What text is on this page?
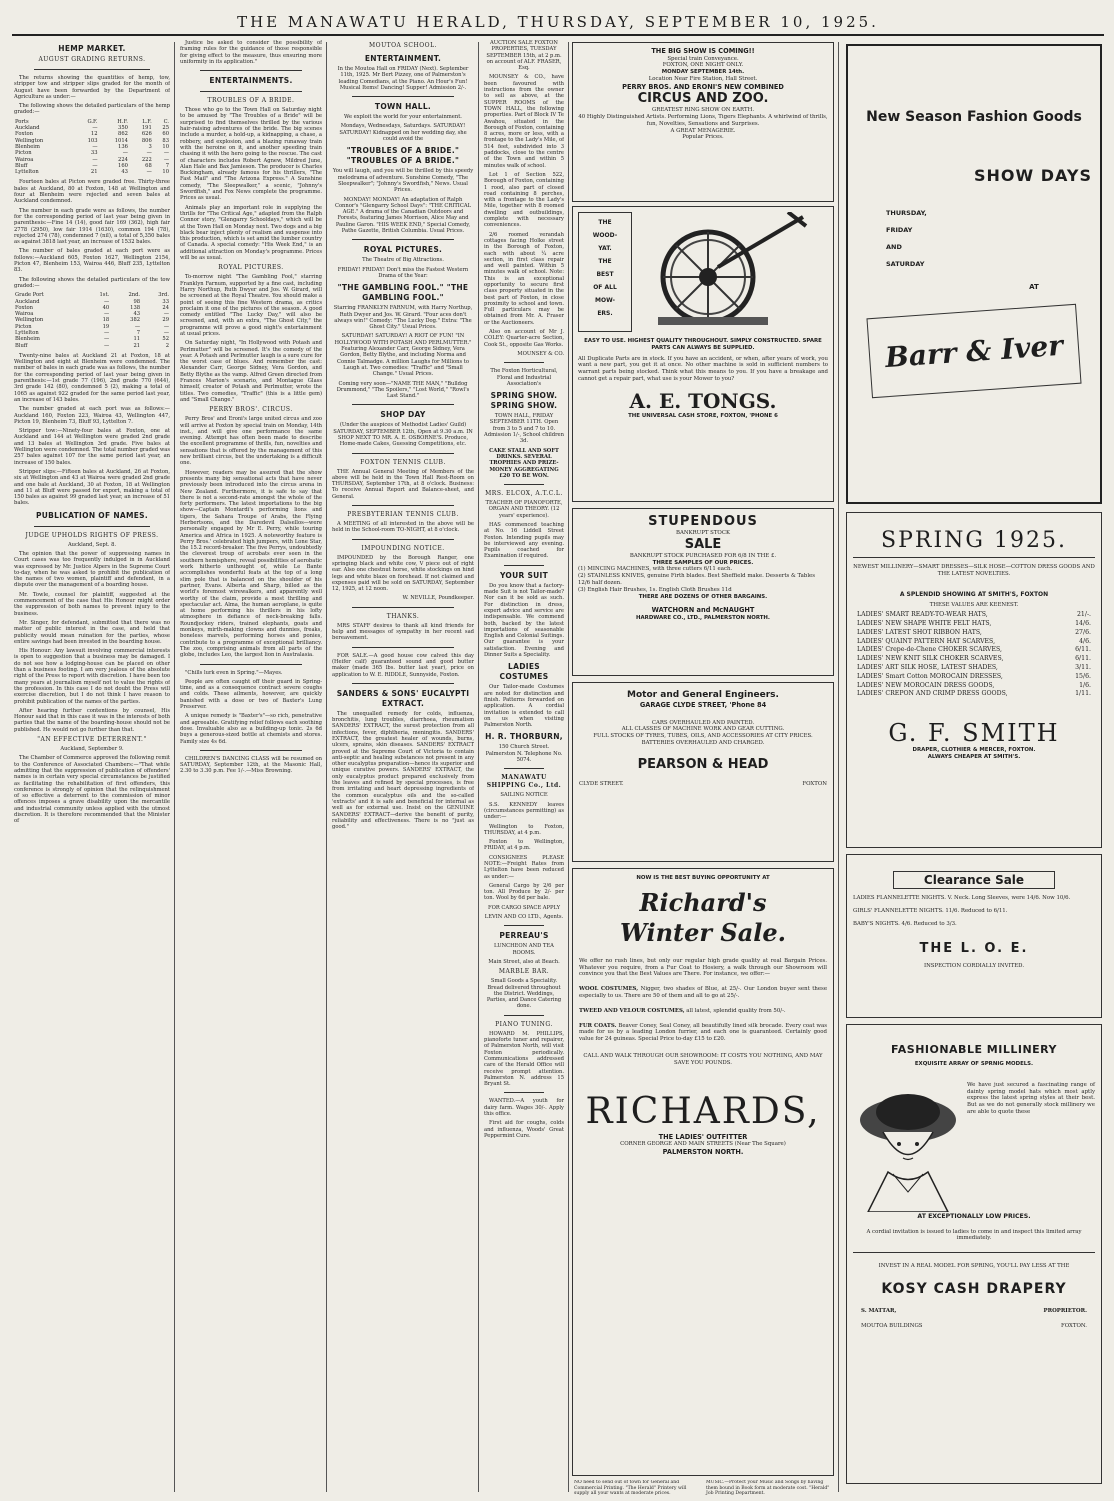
THE MANAWATU HERALD, THURSDAY, SEPTEMBER 10, 1925.
HEMP MARKET.
AUGUST GRADING RETURNS.

The returns showing the quantities of hemp, tow, stripper tow and stripper slips graded for the month of August have been forwarded by the Department of Agriculture as under:—

The following shows the detailed particulars of the hemp graded:—

Ports	G.F.	H.F.	L.F.	C.
Auckland	—	350	191	25
Foxton	12	862	626	60
Wellington	103	1014	806	83
Blenheim	—	136	3	10
Picton	33	—	—	—
Wairoa	—	224	222	—
Bluff	—	160	68	7
Lyttelton	21	43	—	10

Fourteen bales at Picton were graded free. Thirty-three bales at Auckland, 80 at Foxton, 148 at Wellington and four at Blenheim were rejected and seven bales at Auckland condemned.

The number in each grade were as follows, the number for the corresponding period of last year being given in parenthesis:—Fine 14 (14), good fair 169 (362), high fair 2778 (2950), low fair 1914 (1630), common 194 (78), rejected 274 (78), condemned 7 (nil), a total of 5,350 bales as against 3818 last year, an increase of 1532 bales.

The number of bales graded at each port were as follows:—Auckland 605, Foxton 1627, Wellington 2154, Picton 47, Blenheim 153, Wairoa 446, Bluff 235, Lyttelton 83.

The following shows the detailed particulars of the tow graded:—

Grade Port	1st.	2nd.	3rd.
Auckland	—	98	33
Foxton	40	138	24
Wairoa	—	43	—
Wellington	18	382	29
Picton	19	—	—
Lyttelton	—	7	—
Blenheim	—	11	52
Bluff	—	21	2

Twenty-nine bales at Auckland 21 at Foxton, 18 at Wellington and eight at Blenheim were condemned. The number of bales in each grade was as follows, the number for the corresponding period of last year being given in parenthesis:—1st grade 77 (196), 2nd grade 770 (644), 3rd grade 142 (80), condemned 5 (2), making a total of 1065 as against 922 graded for the same period last year, an increase of 143 bales.

The number graded at each port was as follows:—Auckland 160, Foxton 223, Wairoa 43, Wellington 447, Picton 19, Blenheim 73, Bluff 93, Lyttelton 7.

Stripper tow:—Ninety-four bales at Foxton, one at Auckland and 144 at Wellington were graded 2nd grade and 13 bales at Wellington 3rd grade. Five bales at Wellington were condemned. The total number graded was 257 bales against 107 for the same period last year, an increase of 150 bales.

Stripper slips:—Fifteen bales at Auckland, 26 at Foxton, six at Wellington and 43 at Wairoa were graded 2nd grade and one bale at Auckland, 30 at Foxton, 18 at Wellington and 11 at Bluff were passed for export, making a total of 150 bales as against 99 graded last year, an increase of 51 bales.

PUBLICATION OF NAMES.
JUDGE UPHOLDS RIGHTS OF PRESS.

Auckland, Sept. 8.

The opinion that the power of suppressing names in Court cases was too frequently indulged in in Auckland was expressed by Mr. Justice Alpers in the Supreme Court to-day, when he was asked to prohibit the publication of the names of two women, plaintiff and defendant, in a dispute over the management of a boarding house.

Mr. Towle, counsel for plaintiff, suggested at the commencement of the case that His Honour might order the suppression of both names to prevent injury to the business.

Mr. Singer, for defendant, submitted that there was no matter of public interest in the case, and held that publicity would mean ruination for the parties, whose entire savings had been invested in the boarding house.

His Honour: Any lawsuit involving commercial interests is open to suggestion that a business may be damaged. I do not see how a lodging-house can be placed on other than a business footing. I am very jealous of the absolute right of the Press to report with discretion. I have been too many years at journalism myself not to value the rights of the profession. In this case I do not doubt the Press will exercise discretion, but I do not think I have reason to prohibit publication of the names of the parties.

After hearing further contentions by counsel, His Honour said that in this case it was in the interests of both parties that the name of the boarding-house should not be published. He would not go further than that.

"AN EFFECTIVE DETERRENT."

Auckland, September 9.

The Chamber of Commerce approved the following remit to the Conference of Associated Chambers:—"That while admitting that the suppression of publication of offenders' names is in certain very special circumstances be justified as facilitating the rehabilitation of first offenders, this conference is strongly of opinion that the relinquishment of so effective a deterrent to the commission of minor offences imposes a grave disability upon the mercantile and industrial community unless applied with the utmost discretion. It is therefore recommended that the Minister of

Justice be asked to consider the possibility of framing rules for the guidance of those responsible for giving effect to the measure, thus ensuring more uniformity in its application."

ENTERTAINMENTS.
TROUBLES OF A BRIDE.

Those who go to the Town Hall on Saturday night to be amused by "The Troubles of a Bride" will be surprised to find themselves thrilled by the various hair-raising adventures of the bride. The big scenes include a murder, a hold-up, a kidnapping, a chase, a robbery, and explosion, and a blazing runaway train with the heroine on it, and another speeding train chasing it with the hero going to the rescue. The cast of characters includes Robert Agnew, Mildred June, Alan Hale and Bax Jamieson. The producer is Charles Buckingham, already famous for his thrillers, "The Fast Mail" and "The Arizona Express." A Sunshine comedy, "The Sleepwalker," a scenic, "Johnny's Swordfish," and Fox News complete the programme. Prices as usual.

Animals play an important role in supplying the thrills for "The Critical Age," adapted from the Ralph Connor story, "Glengarry Schooldays," which will be at the Town Hall on Monday next. Two dogs and a big black bear inject plenty of realism and suspense into this production, which is set amid the lumber country of Canada. A special comedy: "His Week End," is an additional attraction on Monday's programme. Prices will be as usual.

ROYAL PICTURES.

To-morrow night "The Gambling Fool," starring Franklyn Farnum, supported by a fine cast, including Harry Northup, Ruth Dwyer and Jos. W. Girard, will be screened at the Royal Theatre. You should make a point of seeing this fine Western drama, as critics proclaim it one of the pictures of the season. A good comedy entitled "The Lucky Day," will also be screened, and, with an extra, "The Ghost City," the programme will prove a good night's entertainment at usual prices.

On Saturday night, "In Hollywood with Potash and Perlmutter" will be screened. It's the comedy of the year. A Potash and Perlmutter laugh is a sure cure for the worst case of blues. And remember the cast: Alexander Carr, George Sidney, Vera Gordon, and Betty Blythe as the vamp. Alfred Green directed from Frances Marion's scenario, and Montague Glass himself, creator of Potash and Perlmutter, wrote the titles. Two comedies, "Traffic" (this is a little gem) and "Small Change."

PERRY BROS'. CIRCUS.

Perry Bros' and Eroni's large united circus and zoo will arrive at Foxton by special train on Monday, 14th inst., and will give one performance the same evening. Attempt has often been made to describe the excellent programme of thrills, fun, novelties and sensations that is offered by the management of this new brilliant circus, but the undertaking is a difficult one.

However, readers may be assured that the show presents many big sensational acts that have never previously been introduced into the circus arena in New Zealand. Furthermore, it is safe to say that there is not a second-rate amongst the whole of the forty performers. The latest importations to the big show—Captain Montardi's performing lions and tigers, the Sahara Troupe of Arabs, the Flying Herbertsons, and the Daredevil Dalsellos—were personally engaged by Mr E. Perry, while touring America and Africa in 1925. A noteworthy feature is Perry Bros.' celebrated high jumpers, with Lone Star, the 15.2 record-breaker. The five Perrys, undoubtedly the cleverest troup of acrobats ever seen in the southern hemisphere, reveal possibilities of aerobatic work hitherto unthought of, while Le Bante accomplishes wonderful feats at the top of a long slim pole that is balanced on the shoulder of his partner, Evans. Alberta and Sharp, billed as the world's foremost wirewalkers, and apparently well worthy of the claim, provide a most thrilling and spectacular act. Alma, the human aeroplane, is quite at home performing his thrillers in his lofty atmosphere in defiance of neck-breaking falls. Roundjockey riders, trained elephants, goats and monkeys, mirth-making clowns and dunnies, freaks, boneless marvels, performing horses and ponies, contribute to a programme of exceptional brilliancy. The zoo, comprising animals from all parts of the globe, includes Leo, the largest lion in Australasia.

"Chills lurk even in Spring."—Mayes.

People are often caught off their guard in Spring-time, and as a consequence contract severe coughs and colds. These ailments, however, are quickly banished with a dose or two of Baxter's Lung Preserver.

A unique remedy is "Baxter's"—so rich, penetrative and agreeable. Gratifying relief follows each soothing dose. Invaluable also as a building-up tonic. 2s 6d buys a generous-sized bottle at chemists and stores. Family size 4s 6d.

CHILDREN'S DANCING CLASS will be resumed on SATURDAY, September 12th, at the Masonic Hall, 2.30 to 3.30 p.m. Fee 1/-.—Miss Browning.

MOUTOA SCHOOL.
ENTERTAINMENT.

In the Moutoa Hall on FRIDAY (Next). September 11th, 1925. Mr Bert Pizzey, one of Palmerston's leading Comedians, at the Piano. An Hour's Fun! Musical Items! Dancing! Supper! Admission 2/-.

TOWN HALL.

We exploit the world for your entertainment.

Mondays, Wednesdays, Saturdays. SATURDAY! SATURDAY! Kidnapped on her wedding day, she could avoid the

"TROUBLES OF A BRIDE." "TROUBLES OF A BRIDE."

You will laugh, and you will be thrilled by this speedy melodrama of adventure. Sunshine Comedy, "The Sleepwalker"; "Johnny's Swordfish," News. Usual Prices.

MONDAY! MONDAY! An adaptation of Ralph Connor's "Glengarry School Days": "THE CRITICAL AGE." A drama of the Canadian Outdoors and Forests, featuring James Morrison, Alice May and Pauline Garon. "HIS WEEK END," Special Comedy, Pathe Gazette, British Columbia. Usual Prices.

ROYAL PICTURES.

The Theatre of Big Attractions.

FRIDAY! FRIDAY! Don't miss the Fastest Western Drama of the Year:

"THE GAMBLING FOOL." "THE GAMBLING FOOL."

Starring FRANKLYN FARNUM, with Harry Northup, Ruth Dwyer and Jos. W. Girard. "Four aces don't always win!" Comedy: "The Lucky Dog." Extra: "The Ghost City." Usual Prices.

SATURDAY! SATURDAY! A RIOT OF FUN! "IN HOLLYWOOD WITH POTASH AND PERLMUTTER." Featuring Alexander Carr, George Sidney, Vera Gordon, Betty Blythe, and including Norma and Connie Talmadge. A million Laughs for Millions to Laugh at. Two comedies: "Traffic" and "Small Change." Usual Prices.

Coming very soon—"NAME THE MAN," "Bulldog Drummond," "The Spoilers," "Lost World," "Rowl's Last Stand."

SHOP DAY

(Under the auspices of Methodist Ladies' Guild) SATURDAY, SEPTEMBER 12th, Open at 9.30 a.m. IN SHOP NEXT TO MR. A. E. OSBORNE'S. Produce, Home-made Cakes, Guessing Competitions, etc.

FOXTON TENNIS CLUB.

THE Annual General Meeting of Members of the above will be held in the Town Hall Rest-Room on THURSDAY, September 17th, at 8 o'clock. Business: To receive Annual Report and Balance-sheet, and General.

PRESBYTERIAN TENNIS CLUB.

A MEETING of all interested in the above will be held in the School-room TO-NIGHT, at 8 o'clock.

IMPOUNDING NOTICE.

IMPOUNDED by the Borough Ranger, one springing black and white cow, V piece out of right ear. Also one chestnut horse, white stockings on hind legs and white blaze on forehead. If not claimed and expenses paid will be sold on SATURDAY, September 12, 1925, at 12 noon.

W. NEVILLE, Poundkeeper.

THANKS.

MRS STAFF desires to thank all kind friends for help and messages of sympathy in her recent sad bereavement.

FOR SALE.—A good house cow calved this day (Heifer calf) guaranteed sound and good butter maker (made 365 lbs. butter last year), price on application to W. E. RIDDLE, Sunnyside, Foxton.

SANDERS & SONS' EUCALYPTI EXTRACT.

The unequalled remedy for colds, influenza, bronchitis, lung troubles, diarrhoea, rheumatism SANDERS' EXTRACT, the surest protection from all infections, fever, diphtheria, meningitis. SANDERS' EXTRACT, the greatest healer of wounds, burns, ulcers, sprains, skin diseases. SANDERS' EXTRACT proved at the Supreme Court of Victoria to contain anti-septic and healing substances not present in any other eucalyptus preparation—hence its superior and unique curative powers. SANDERS' EXTRACT, the only eucalyptus product prepared exclusively from the leaves and refined by special processes, is free from irritating and heart depressing ingredients of the common eucalyptus oils and the so-called 'extracts' and it is safe and beneficial for internal as well as for external use. Insist on the GENUINE SANDERS' EXTRACT—derive the benefit of purity, reliability and effectiveness. There is no "just as good."

AUCTION SALE FOXTON PROPERTIES, TUESDAY SEPTEMBER 15th, at 2 p.m. on account of ALF. FRASER, Esq.

MOUNSEY & CO., have been favoured with instructions from the owner to sell as above, at the SUPPER ROOMS of the TOWN HALL, the following properties. Part of Block IV Te Awahou, situated in the Borough of Foxton, containing 8 acres, more or less, with a frontage to the Lady's Mile, of 514 feet, subdivided into 3 paddocks, close to the centre of the Town and within 5 minutes walk of school.

Lot 1 of Section 522, Borough of Foxton, containing 1 rood, also part of closed road containing 8 perches, with a frontage to the Lady's Mile, together with 8 roomed dwelling and outbuildings, complete with necessary conveniences.

2/6 roomed verandah cottages facing Holke street in the Borough of Foxton, each with about ¼ acre section, in first class repair and well painted. Within 5 minutes walk of school. Note: This is an exceptional opportunity to secure first class property situated in the best part of Foxton, in close proximity to school and town. Full particulars may be obtained from Mr. A. Fraser or the Auctioneers.

Also on account of Mr J. COLEY: Quarter-acre Section, Cook St., opposite Gas Works.

MOUNSEY & CO.

The Foxton Horticultural, Floral and Industrial Association's

SPRING SHOW. SPRING SHOW.

TOWN HALL, FRIDAY SEPTEMBER 11TH. Open from 3 to 5 and 7 to 10. Admission 1/-, School children 3d.

CAKE STALL AND SOFT DRINKS. SEVERAL TROPHIES AND PRIZE-MONEY AGGREGATING £20 TO BE WON.

MRS. ELCOX, A.T.C.L.

TEACHER OF PIANOFORTE, ORGAN AND THEORY. (12 years' experience).

HAS commenced teaching at No. 16 Liddell Street Foxton. Intending pupils may be interviewed any evening. Pupils coached for Examination if required.

YOUR SUIT

Do you know that a factory-made Suit is not Tailor-made? Nor can it be sold as such. For distinction in dress, expert advice and service are indispensable. We commend both, backed by the latest importations of seasonable English and Colonial Suitings. Our guarantee is your satisfaction. Evening and Dinner Suits a Speciality.

LADIES COSTUMES

Our Tailor-made Costumes are noted for distinction and finish. Patterns forwarded on application. A cordial invitation is extended to call on us when visiting Palmerston North.

H. R. THORBURN,

150 Church Street. Palmerston N. Telephone No. 5074.

MANAWATU SHIPPING Co., Ltd.

SAILING NOTICE

S.S. KENNEDY leaves (circumstances permitting) as under:—

Wellington to Foxton, THURSDAY, at 4 p.m.

Foxton to Wellington, FRIDAY, at 4 p.m.

CONSIGNEES PLEASE NOTE:—Freight Rates from Lyttelton have been reduced as under:—

General Cargo by 2/6 per ton. All Produce by 2/- per ton. Wool by 6d per bale.

FOR CARGO SPACE APPLY

LEVIN AND CO LTD., Agents.

PERREAU'S

LUNCHEON AND TEA ROOMS.

Main Street, also at Beach.

MARBLE BAR.

Small Goods a Speciality. Bread delivered throughout the District. Weddings, Parties, and Dance Catering done.

PIANO TUNING.

HOWARD M. PHILLIPS, pianoforte tuner and repairer, of Palmerston North, will visit Foxton periodically. Communications addressed care of the Herald Office will receive prompt attention. Palmerston N. address 15 Bryant St.

WANTED.—A youth for dairy farm. Wages 30/-. Apply this office.

First aid for coughs, colds and influenza, Woods' Great Peppermint Cure.

THE BIG SHOW IS COMING!!
Special train Conveyance.
FOXTON, ONE NIGHT ONLY.
MONDAY SEPTEMBER 14th.
Location Near Fire Station, Hall Street.
PERRY BROS. AND ERONI'S NEW COMBINED
CIRCUS AND ZOO.
GREATEST RING SHOW ON EARTH.
40 Highly Distinguished Artists. Performing Lions, Tigers Elephants. A whirlwind of thrills, fun, Novelties, Sensations and Surprises.
A GREAT MENAGERIE.
Popular Prices.
THE
WOOD-
YAT.
THE
BEST
OF ALL
MOW-
ERS.
EASY TO USE. HIGHEST QUALITY THROUGHOUT. SIMPLY CONSTRUCTED. SPARE PARTS CAN ALWAYS BE SUPPLIED.

All Duplicate Parts are in stock. If you have an accident, or when, after years of work, you want a new part, you get it at once. No other machine is sold in sufficient numbers to warrant parts being stocked. Think what this means to you. If you have a breakage and cannot get a repair part, what use is your Mower to you?

A. E. TONGS.
THE UNIVERSAL CASH STORE, FOXTON, 'PHONE 6
STUPENDOUS
BANKRUPT STOCK
SALE
BANKRUPT STOCK PURCHASED FOR 6/8 IN THE £.
THREE SAMPLES OF OUR PRICES.
(1) MINCING MACHINES, with three cutters 6/11 each.
(2) STAINLESS KNIVES, genuine Firth blades. Best Sheffield make. Desserts & Tables 12/6 half dozen.
(3) English Hair Brushes, 1s. English Cloth Brushes 11d
THERE ARE DOZENS OF OTHER BARGAINS.
WATCHORN and McNAUGHT
HARDWARE CO., LTD., PALMERSTON NORTH.
Motor and General Engineers.
GARAGE CLYDE STREET, 'Phone 84
CARS OVERHAULED AND PAINTED.
ALL CLASSES OF MACHINE WORK AND GEAR CUTTING.
FULL STOCKS OF TYRES, TUBES, OILS, AND ACCESSORIES AT CITY PRICES.
BATTERIES OVERHAULED AND CHARGED.
PEARSON & HEAD
CLYDE STREET.	FOXTON
NOW IS THE BEST BUYING OPPORTUNITY AT
Richard's
Winter Sale.

We offer no rush lines, but only our regular high grade quality at real Bargain Prices. Whatever you require, from a Fur Coat to Hosiery, a walk through our Showroom will convince you that the Best Values are There. For instance, we offer:—

WOOL COSTUMES, Nigger, two shades of Blue, at 25/-. Our London buyer sent these especially to us. There are 50 of them and all to go at 25/-.

TWEED AND VELOUR COSTUMES, all latest, splendid quality from 50/-.

FUR COATS. Beaver Coney, Seal Coney, all beautifully lined silk brocade. Every coat was made for us by a leading London furrier, and each one is guaranteed. Certainly good value for 24 guineas. Special Price to-day £15 to £20.

CALL AND WALK THROUGH OUR SHOWROOM: IT COSTS YOU NOTHING, AND MAY SAVE YOU POUNDS.
RICHARDS,
THE LADIES' OUTFITTER
CORNER GEORGE AND MAIN STREETS (Near The Square)
PALMERSTON NORTH.
NO need to send out of town for General and Commercial Printing. "The Herald" Printery will supply all your wants at moderate prices.
MUSIC.—Protect your Music and Songs by having them bound in Book form at moderate cost. "Herald" Job Printing Department.
New Season Fashion Goods
SHOW DAYS
THURSDAY,
FRIDAY
AND
SATURDAY
AT
Barr & Iver
SPRING 1925.
NEWEST MILLINERY—SMART DRESSES—SILK HOSE—COTTON DRESS GOODS AND THE LATEST NOVELTIES.
A SPLENDID SHOWING AT SMITH'S, FOXTON
THESE VALUES ARE KEENEST.
LADIES' SMART READY-TO-WEAR HATS,	21/-.
LADIES' NEW SHAPE WHITE FELT HATS,	14/6.
LADIES' LATEST SHOT RIBBON HATS,	27/6.
LADIES' QUAINT PATTERN HAT SCARVES,	4/6.
LADIES' Crepe-de-Chene CHOKER SCARVES,	6/11.
LADIES' NEW KNIT SILK CHOKER SCARVES,	6/11.
LADIES' ART SILK HOSE, LATEST SHADES,	3/11.
LADIES' Smart Cotton MOROCAIN DRESSES,	15/6.
LADIES' NEW MOROCAIN DRESS GOODS,	1/6.
LADIES' CREPON AND CRIMP DRESS GOODS,	1/11.
G. F. SMITH
DRAPER, CLOTHIER & MERCER, FOXTON.
ALWAYS CHEAPER AT SMITH'S.
Clearance Sale
LADIES FLANNELETTE NIGHTS. V. Neck. Long Sleeves, were 14/6. Now 10/6.
GIRLS' FLANNELETTE NIGHTS. 11/6. Reduced to 6/11.
BABY'S NIGHTS. 4/6. Reduced to 3/3.
THE L. O. E.
INSPECTION CORDIALLY INVITED.
FASHIONABLE MILLINERY
EXQUISITE ARRAY OF SPRNIG MODELS.

We have just secured a fascinating range of dainty spring model hats which most aptly express the latest spring styles at their best. But as we do not generally stock millinery we are able to quote these

AT EXCEPTIONALLY LOW PRICES.

A cordial invitation is issued to ladies to come in and inspect this limited array immediately.

INVEST IN A REAL MODEL FOR SPRING, YOU'LL PAY LESS AT THE
KOSY CASH DRAPERY
S. MATTAR,	PROPRIETOR.
MOUTOA BUILDINGS	FOXTON.
